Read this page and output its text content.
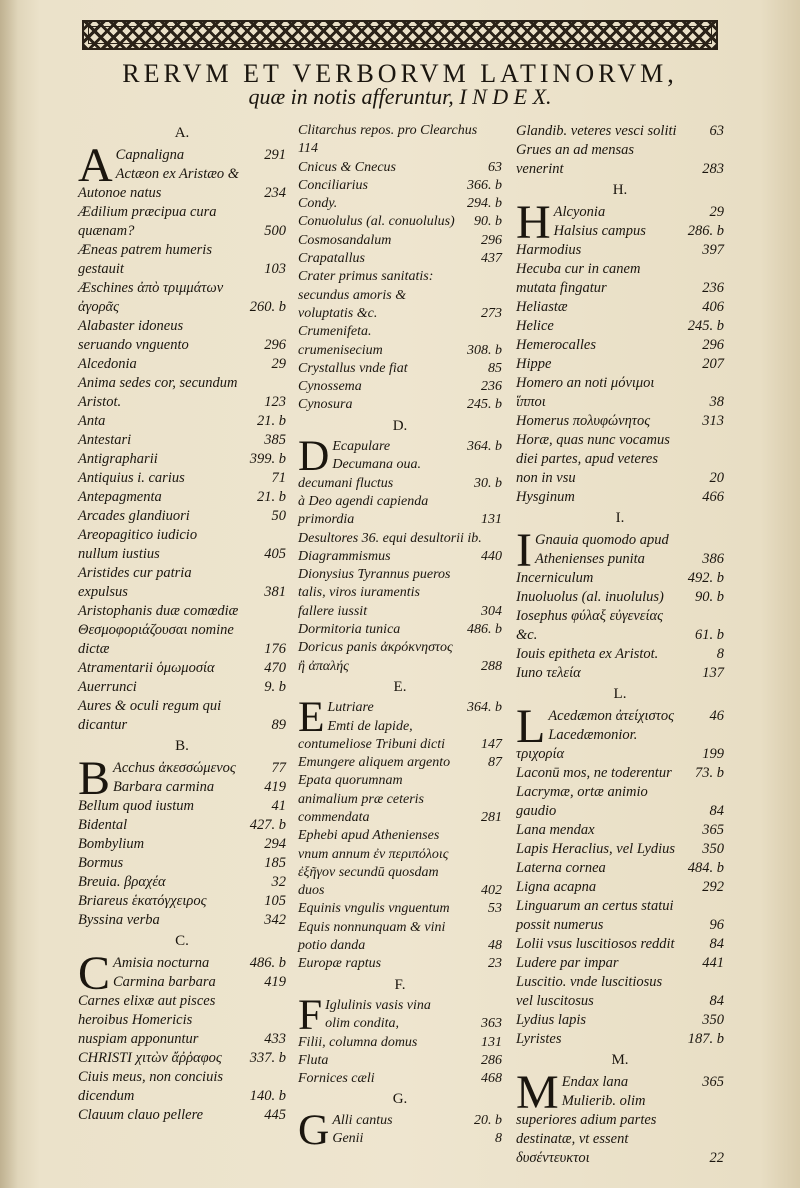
RERVM ET VERBORVM LATINORVM,
quæ in notis afferuntur, I N D E X.
A.
A Capnaligna	291
Actæon ex Aristæo & Autonoe natus	234
Ædilium præcipua cura quænam?	500
Æneas patrem humeris gestauit	103
Æschines ἀπὸ τριμμάτων ἀγορᾶς	260. b
Alabaster idoneus seruando vnguento	296
Alcedonia	29
Anima sedes cor, secundum Aristot.	123
Anta	21. b
Antestari	385
Antigrapharii	399. b
Antiquius i. carius	71
Antepagmenta	21. b
Arcades glandiuori	50
Areopagitico iudicio nullum iustius	405
Aristides cur patria expulsus	381
Aristophanis duæ comœdiæ Θεσμοφοριάζουσαι nomine dictæ	176
Atramentarii ὁμωμοσία	470
Auerrunci	9. b
Aures & oculi regum qui dicantur	89
B.
B Acchus ἀκεσσώμενος	77
Barbara carmina	419
Bellum quod iustum	41
Bidental	427. b
Bombylium	294
Bormus	185
Breuia. βραχέα	32
Briareus ἑκατόγχειρος	105
Byssina verba	342
C.
C Amisia nocturna	486. b
Carmina barbara	419
Carnes elixæ aut pisces heroibus Homericis nuspiam apponuntur	433
CHRISTI χιτὼν ἄῤῥαφος	337. b
Ciuis meus, non conciuis dicendum	140. b
Clauum clauo pellere	445
Clitarchus repos. pro Clearchus
114
Cnicus & Cnecus	63
Conciliarius	366. b
Condy.	294. b
Conuolulus (al. conuolulus)	90. b
Cosmosandalum	296
Crapatallus	437
Crater primus sanitatis: secundus amoris & voluptatis &c.	273
Crumenifeta. crumenisecium	308. b
Crystallus vnde fiat	85
Cynossema	236
Cynosura	245. b
D.
D Ecapulare	364. b
Decumana oua. decumani fluctus	30. b
à Deo agendi capienda primordia	131
Desultores 36. equi desultorii ib.
Diagrammismus	440
Dionysius Tyrannus pueros talis, viros iuramentis fallere iussit	304
Dormitoria tunica	486. b
Doricus panis ἀκρόκνηστος ἢ ἀπαλής	288
E.
E Lutriare	364. b
Emti de lapide, contumeliose Tribuni dicti	147
Emungere aliquem argento	87
Epata quorumnam animalium præ ceteris commendata	281
Ephebi apud Athenienses vnum annum ἐν περιπόλοις ἐξῆγον secundū quosdam duos	402
Equinis vngulis vnguentum	53
Equis nonnunquam & vini potio danda	48
Europæ raptus	23
F.
F Iglulinis vasis vina olim condita,	363
Filii, columna domus	131
Fluta	286
Fornices cæli	468
G.
G Alli cantus	20. b
Genii	8
Glandib. veteres vesci soliti	63
Grues an ad mensas venerint	283
H.
H Alcyonia	29
Halsius campus	286. b
Harmodius	397
Hecuba cur in canem mutata fingatur	236
Heliastæ	406
Helice	245. b
Hemerocalles	296
Hippe	207
Homero an noti μόνιμοι ἵπποι	38
Homerus πολυφώνητος	313
Horæ, quas nunc vocamus diei partes, apud veteres non in vsu	20
Hysginum	466
I.
I Gnauia quomodo apud Athenienses punita	386
Incerniculum	492. b
Inuoluolus (al. inuolulus)	90. b
Iosephus φύλαξ εὐγενείας &c.	61. b
Iouis epitheta ex Aristot.	8
Iuno τελεία	137
L.
L Acedæmon ἀτείχιστος	46
Lacedæmonior. τριχορία	199
Laconū mos, ne toderentur	73. b
Lacrymæ, ortæ animio gaudio	84
Lana mendax	365
Lapis Heraclius, vel Lydius	350
Laterna cornea	484. b
Ligna acapna	292
Linguarum an certus statui possit numerus	96
Lolii vsus luscitiosos reddit	84
Ludere par impar	441
Luscitio. vnde luscitiosus vel luscitosus	84
Lydius lapis	350
Lyristes	187. b
M.
M Endax lana	365
Mulierib. olim superiores adium partes destinatæ, vt essent δυσέντευκτοι	22
